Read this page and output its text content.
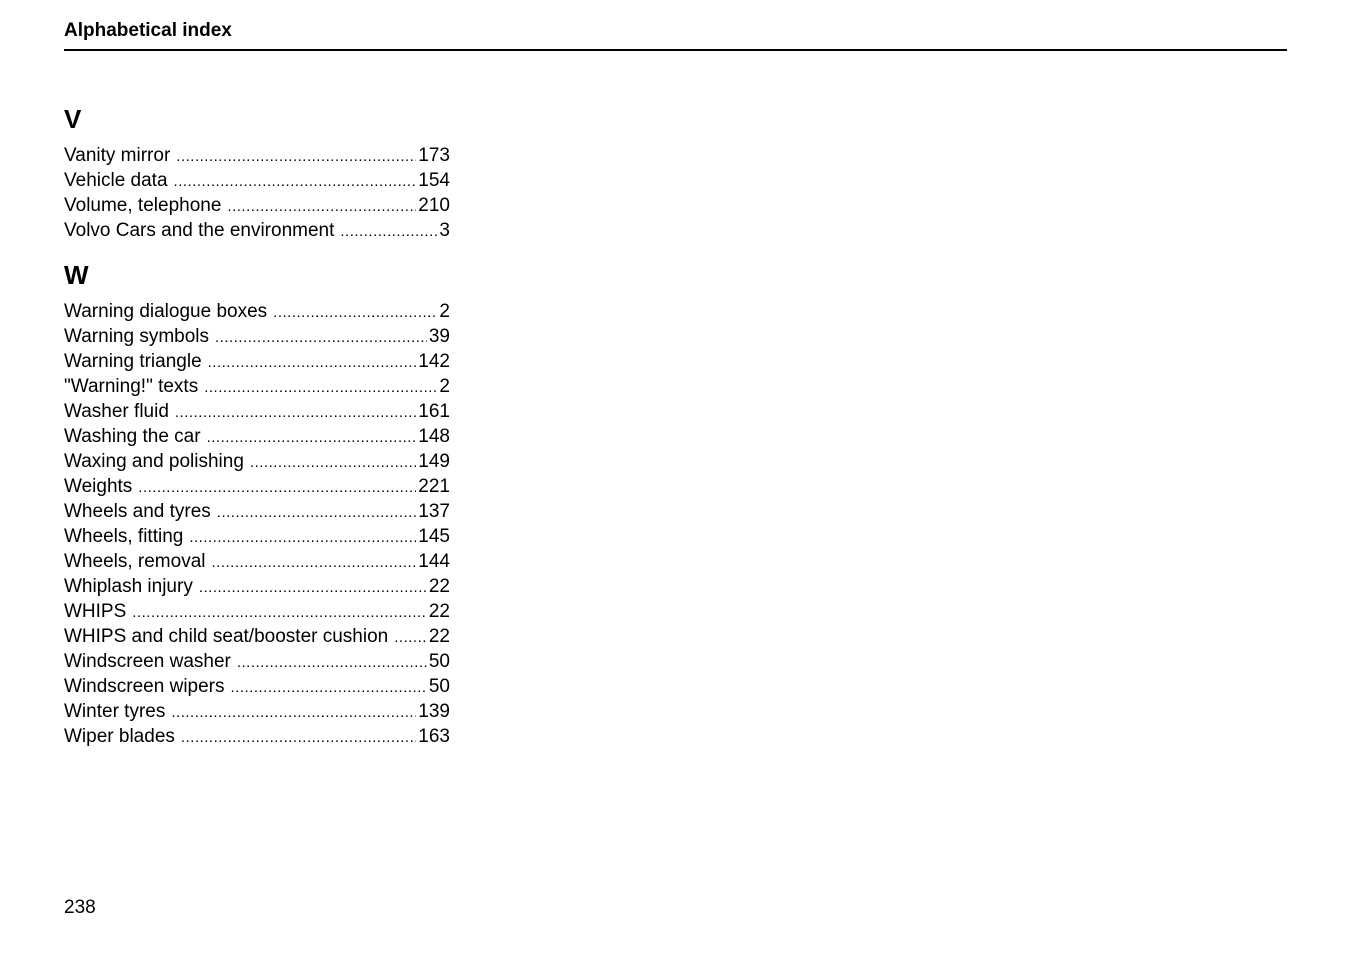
Alphabetical index
V
Vanity mirror .....	173
Vehicle data .....	154
Volume, telephone .....	210
Volvo Cars and the environment .....	3
W
Warning dialogue boxes .....	2
Warning symbols .....	39
Warning triangle .....	142
"Warning!" texts .....	2
Washer fluid .....	161
Washing the car .....	148
Waxing and polishing .....	149
Weights .....	221
Wheels and tyres .....	137
Wheels, fitting .....	145
Wheels, removal .....	144
Whiplash injury .....	22
WHIPS .....	22
WHIPS and child seat/booster cushion .....	22
Windscreen washer .....	50
Windscreen wipers .....	50
Winter tyres .....	139
Wiper blades .....	163
238
